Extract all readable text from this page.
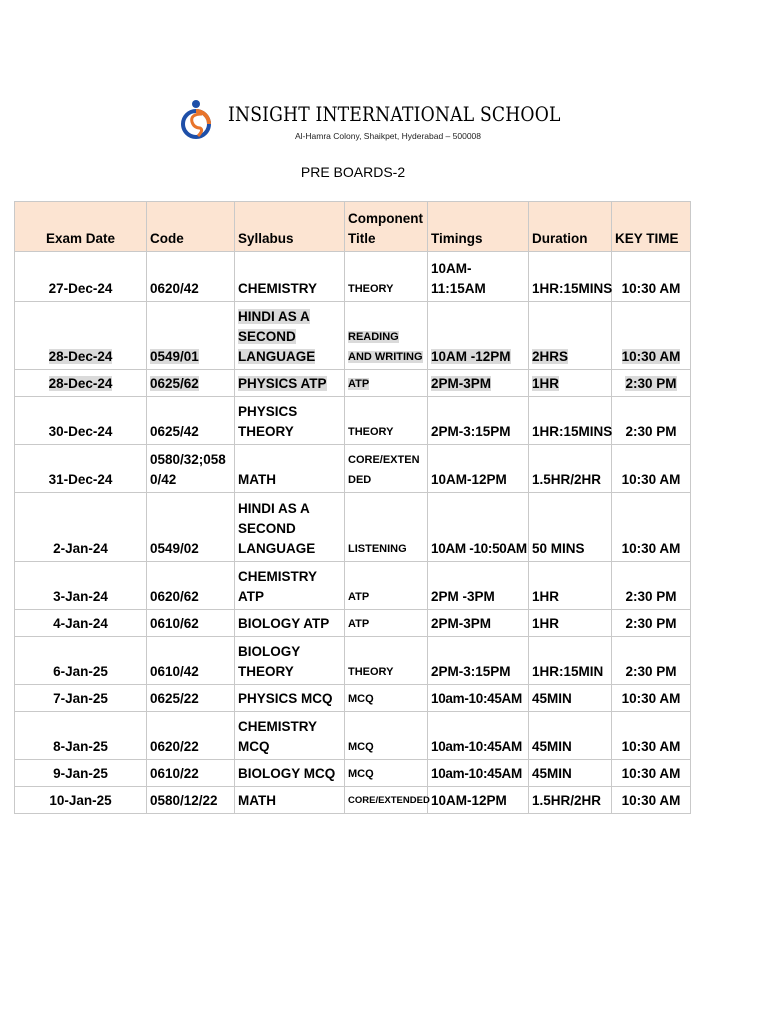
INSIGHT INTERNATIONAL SCHOOL
Al-Hamra Colony, Shaikpet, Hyderabad – 500008
PRE BOARDS-2
Exam Date	Code	Syllabus	Component Title	Timings	Duration	KEY TIME
27-Dec-24	0620/42	CHEMISTRY	THEORY	10AM-11:15AM	1HR:15MINS	10:30 AM
28-Dec-24	0549/01	HINDI AS A SECOND LANGUAGE	READING AND WRITING	10AM -12PM	2HRS	10:30 AM
28-Dec-24	0625/62	PHYSICS ATP	ATP	2PM-3PM	1HR	2:30 PM
30-Dec-24	0625/42	PHYSICS THEORY	THEORY	2PM-3:15PM	1HR:15MINS	2:30 PM
31-Dec-24	0580/32;0580/42	MATH	CORE/EXTENDED	10AM-12PM	1.5HR/2HR	10:30 AM
2-Jan-24	0549/02	HINDI AS A SECOND LANGUAGE	LISTENING	10AM -10:50AM	50 MINS	10:30 AM
3-Jan-24	0620/62	CHEMISTRY ATP	ATP	2PM -3PM	1HR	2:30 PM
4-Jan-24	0610/62	BIOLOGY ATP	ATP	2PM-3PM	1HR	2:30 PM
6-Jan-25	0610/42	BIOLOGY THEORY	THEORY	2PM-3:15PM	1HR:15MIN	2:30 PM
7-Jan-25	0625/22	PHYSICS MCQ	MCQ	10am-10:45AM	45MIN	10:30 AM
8-Jan-25	0620/22	CHEMISTRY MCQ	MCQ	10am-10:45AM	45MIN	10:30 AM
9-Jan-25	0610/22	BIOLOGY MCQ	MCQ	10am-10:45AM	45MIN	10:30 AM
10-Jan-25	0580/12/22	MATH	CORE/EXTENDED	10AM-12PM	1.5HR/2HR	10:30 AM
